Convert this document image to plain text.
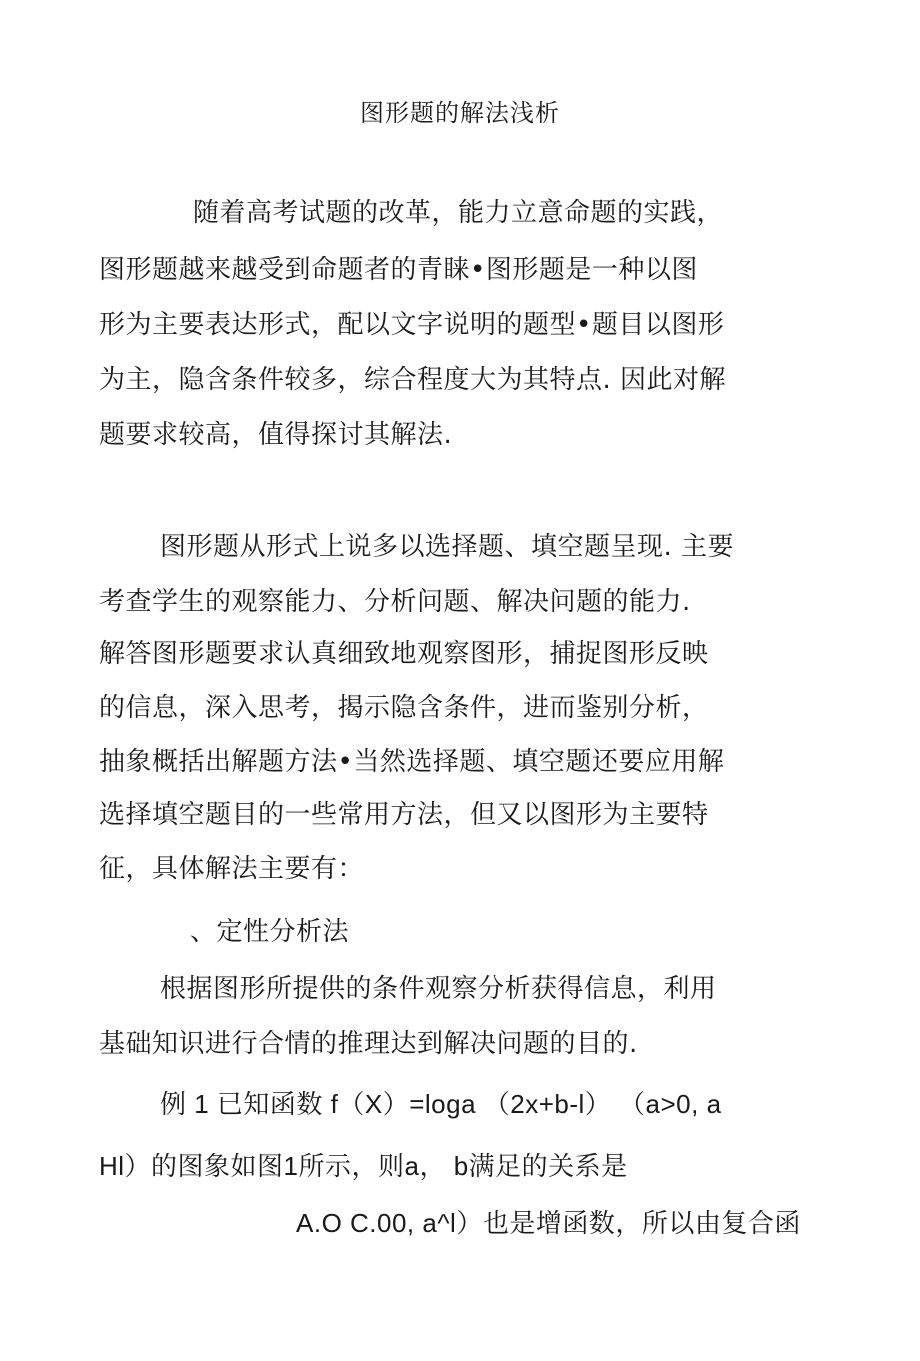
图形题的解法浅析
随着高考试题的改革，能力立意命题的实践，
图形题越来越受到命题者的青睐•图形题是一种以图
形为主要表达形式，配以文字说明的题型•题目以图形
为主，隐含条件较多，综合程度大为其特点. 因此对解
题要求较高，值得探讨其解法.
图形题从形式上说多以选择题、填空题呈现. 主要
考查学生的观察能力、分析问题、解决问题的能力.
解答图形题要求认真细致地观察图形，捕捉图形反映
的信息，深入思考，揭示隐含条件，进而鉴别分析，
抽象概括出解题方法•当然选择题、填空题还要应用解
选择填空题目的一些常用方法，但又以图形为主要特
征，具体解法主要有：
、定性分析法
根据图形所提供的条件观察分析获得信息，利用
基础知识进行合情的推理达到解决问题的目的.
例 1 已知函数 f（X）=loga （2x+b-l） （a>0, a
Hl）的图象如图1所示，则a， b满足的关系是
A.O C.00, a^l）也是增函数，所以由复合函
